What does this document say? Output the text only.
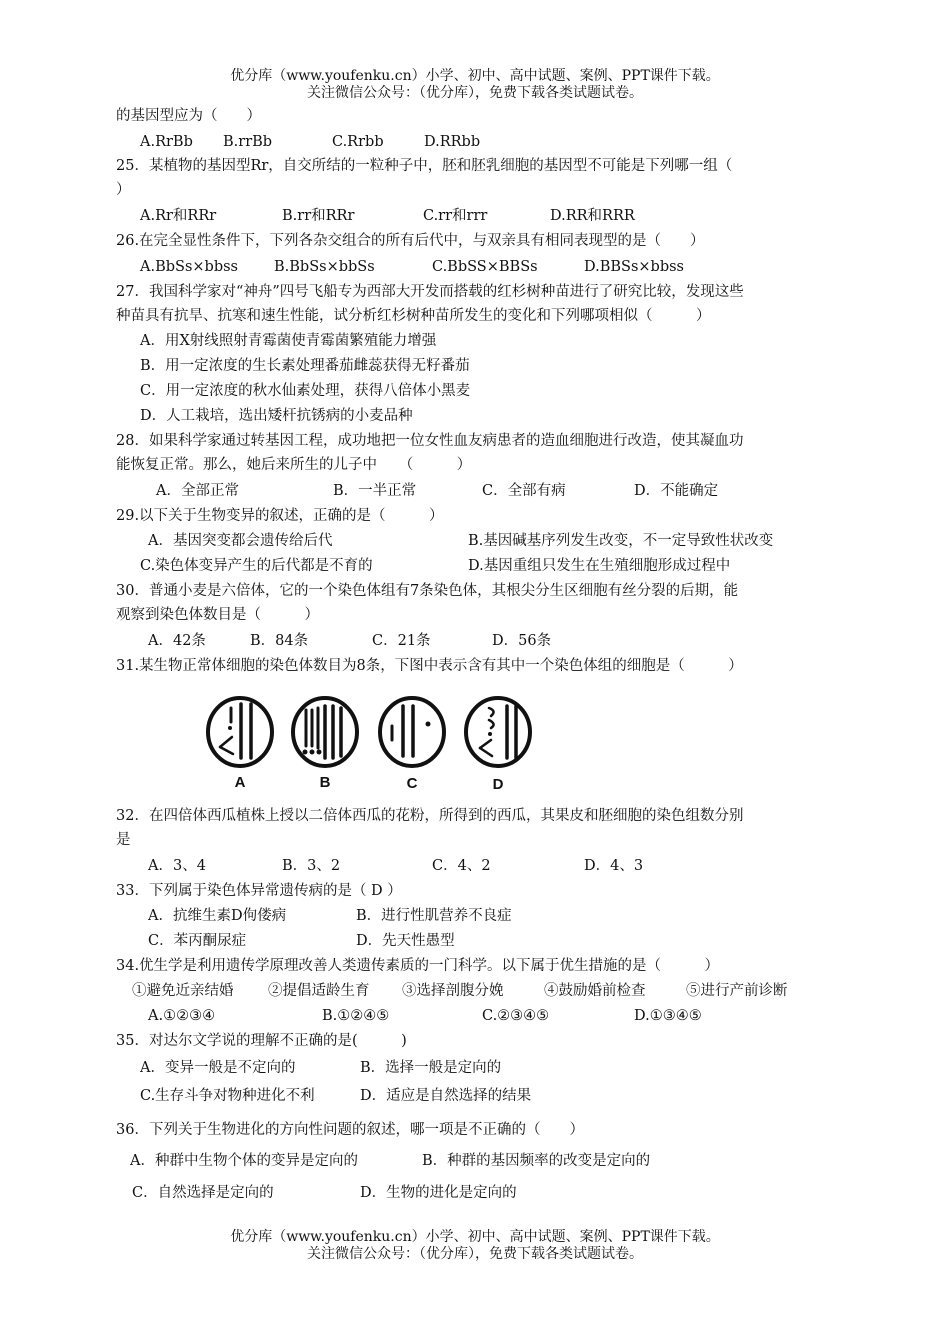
优分库（www.youfenku.cn）小学、初中、高中试题、案例、PPT课件下载。
关注微信公众号：（优分库），免费下载各类试题试卷。
的基因型应为（　　）
A.RrBb B.rrBb	C.Rrbb	D.RRbb
25．某植物的基因型Rr，自交所结的一粒种子中，胚和胚乳细胞的基因型不可能是下列哪一组（
）
A.Rr和RRr	B.rr和RRr	C.rr和rrr	D.RR和RRR
26.在完全显性条件下，下列各杂交组合的所有后代中，与双亲具有相同表现型的是（　　）
A.BbSs×bbss B.BbSs×bbSs	C.BbSS×BBSs	D.BBSs×bbss
27．我国科学家对“神舟”四号飞船专为西部大开发而搭载的红杉树种苗进行了研究比较，发现这些
种苗具有抗旱、抗寒和速生性能，试分析红杉树种苗所发生的变化和下列哪项相似（　　　）
A．用X射线照射青霉菌使青霉菌繁殖能力增强
B．用一定浓度的生长素处理番茄雌蕊获得无籽番茄
C．用一定浓度的秋水仙素处理，获得八倍体小黑麦
D．人工栽培，选出矮杆抗锈病的小麦品种
28．如果科学家通过转基因工程，成功地把一位女性血友病患者的造血细胞进行改造，使其凝血功
能恢复正常。那么，她后来所生的儿子中　　（　　　）
A．全部正常	B．一半正常	C．全部有病	D．不能确定
29.以下关于生物变异的叙述，正确的是（　　　）
A．基因突变都会遗传给后代	B.基因碱基序列发生改变，不一定导致性状改变
C.染色体变异产生的后代都是不育的	D.基因重组只发生在生殖细胞形成过程中
30．普通小麦是六倍体，它的一个染色体组有7条染色体，其根尖分生区细胞有丝分裂的后期，能
观察到染色体数目是（　　　）
A．42条	B．84条	C．21条	D．56条
31.某生物正常体细胞的染色体数目为8条，下图中表示含有其中一个染色体组的细胞是（　　　）
A	B	C	D
32．在四倍体西瓜植株上授以二倍体西瓜的花粉，所得到的西瓜，其果皮和胚细胞的染色组数分别
是
A．3、4	B．3、2	C．4、2	D．4、3
33．下列属于染色体异常遗传病的是（ D ）
A．抗维生素D佝偻病	B．进行性肌营养不良症
C．苯丙酮尿症	D．先天性愚型
34.优生学是利用遗传学原理改善人类遗传素质的一门科学。以下属于优生措施的是（　　　）
①避免近亲结婚 ②提倡适龄生育 ③选择剖腹分娩	④鼓励婚前检查	⑤进行产前诊断
A.①②③④	B.①②④⑤	C.②③④⑤	D.①③④⑤
35．对达尔文学说的理解不正确的是(　　　)
A．变异一般是不定向的	B．选择一般是定向的
C.生存斗争对物种进化不利	D．适应是自然选择的结果
36．下列关于生物进化的方向性问题的叙述，哪一项是不正确的（　　）
A．种群中生物个体的变异是定向的	B．种群的基因频率的改变是定向的
C．自然选择是定向的	D．生物的进化是定向的
优分库（www.youfenku.cn）小学、初中、高中试题、案例、PPT课件下载。
关注微信公众号：（优分库），免费下载各类试题试卷。
